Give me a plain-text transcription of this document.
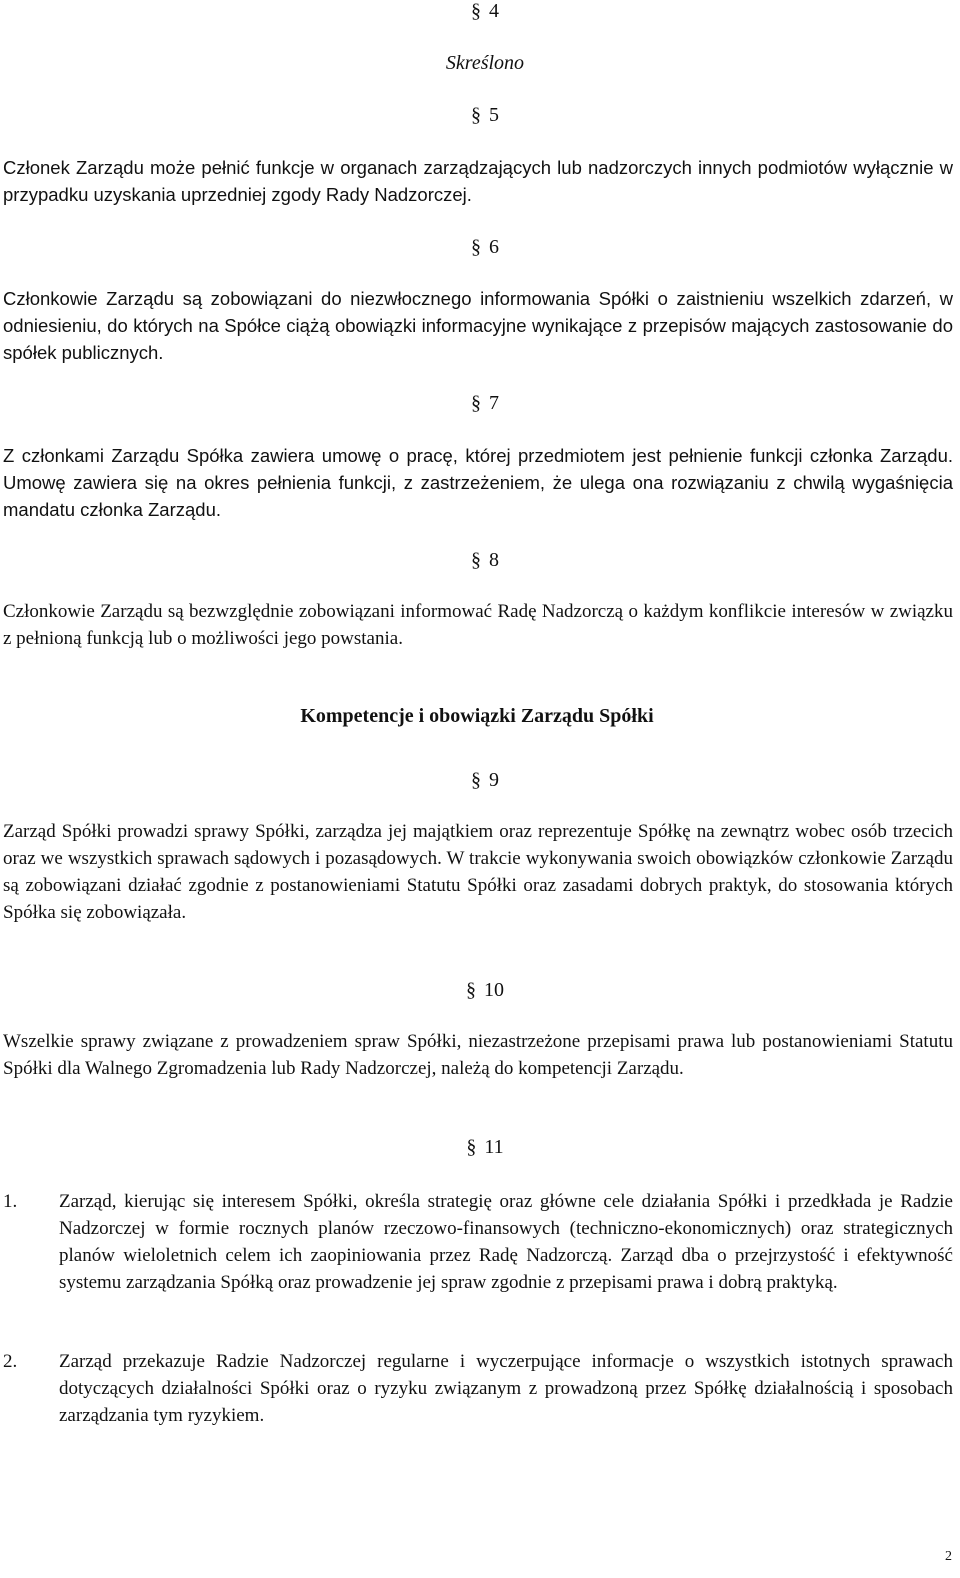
§ 4
Skreślono
§ 5
Członek Zarządu może pełnić funkcje w organach zarządzających lub nadzorczych innych podmiotów wyłącznie w przypadku uzyskania uprzedniej zgody Rady Nadzorczej.
§ 6
Członkowie Zarządu są zobowiązani do niezwłocznego informowania Spółki o zaistnieniu wszelkich zdarzeń, w odniesieniu, do których na Spółce ciążą obowiązki informacyjne wynikające z przepisów mających zastosowanie do spółek publicznych.
§ 7
Z członkami Zarządu Spółka zawiera umowę o pracę, której przedmiotem jest pełnienie funkcji członka Zarządu. Umowę zawiera się na okres pełnienia funkcji, z zastrzeżeniem, że ulega ona rozwiązaniu z chwilą wygaśnięcia mandatu członka Zarządu.
§ 8
Członkowie Zarządu są bezwzględnie zobowiązani informować Radę Nadzorczą o każdym konflikcie interesów w związku z pełnioną funkcją lub o możliwości jego powstania.
Kompetencje i obowiązki Zarządu Spółki
§ 9
Zarząd Spółki prowadzi sprawy Spółki, zarządza jej majątkiem oraz reprezentuje Spółkę na zewnątrz wobec osób trzecich oraz we wszystkich sprawach sądowych i pozasądowych. W trakcie wykonywania swoich obowiązków członkowie Zarządu są zobowiązani działać zgodnie z postanowieniami Statutu Spółki oraz zasadami dobrych praktyk, do stosowania których Spółka się zobowiązała.
§ 10
Wszelkie sprawy związane z prowadzeniem spraw Spółki, niezastrzeżone przepisami prawa lub postanowieniami Statutu Spółki dla Walnego Zgromadzenia lub Rady Nadzorczej, należą do kompetencji Zarządu.
§ 11
1.	Zarząd, kierując się interesem Spółki, określa strategię oraz główne cele działania Spółki i przedkłada je Radzie Nadzorczej w formie rocznych planów rzeczowo-finansowych (techniczno-ekonomicznych) oraz strategicznych planów wieloletnich celem ich zaopiniowania przez Radę Nadzorczą. Zarząd dba o przejrzystość i efektywność systemu zarządzania Spółką oraz prowadzenie jej spraw zgodnie z przepisami prawa i dobrą praktyką.
2.	Zarząd przekazuje Radzie Nadzorczej regularne i wyczerpujące informacje o wszystkich istotnych sprawach dotyczących działalności Spółki oraz o ryzyku związanym z prowadzoną przez Spółkę działalnością i sposobach zarządzania tym ryzykiem.
2
